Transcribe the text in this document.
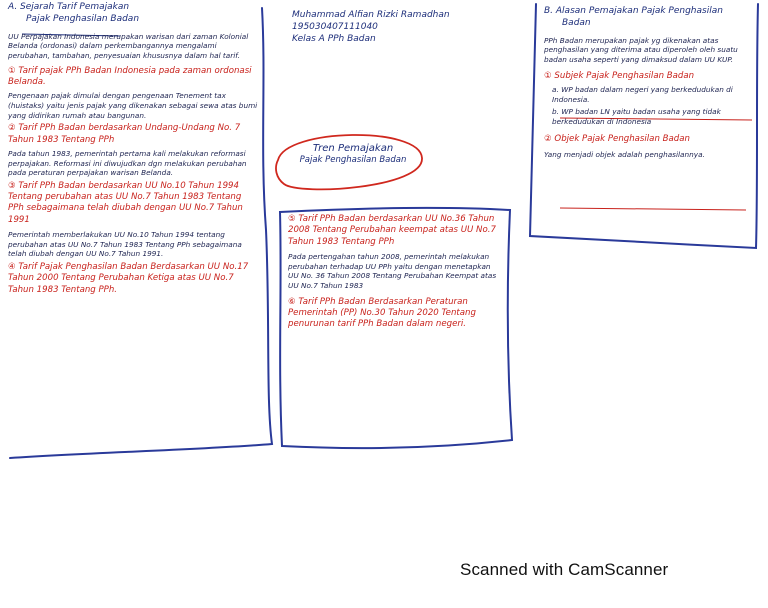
A. Sejarah Tarif Pemajakan

Pajak Penghasilan Badan

UU Perpajakan Indonesia merupakan warisan dari zaman Kolonial Belanda (ordonasi) dalam perkembangannya mengalami perubahan, tambahan, penyesuaian khususnya dalam hal tarif.

① Tarif pajak PPh Badan Indonesia pada zaman ordonasi Belanda.

Pengenaan pajak dimulai dengan pengenaan Tenement tax (huistaks) yaitu jenis pajak yang dikenakan sebagai sewa atas bumi yang didirikan rumah atau bangunan.

② Tarif PPh Badan berdasarkan Undang-Undang No. 7 Tahun 1983 Tentang PPh

Pada tahun 1983, pemerintah pertama kali melakukan reformasi perpajakan. Reformasi ini diwujudkan dgn melakukan perubahan pada peraturan perpajakan warisan Belanda.

③ Tarif PPh Badan berdasarkan UU No.10 Tahun 1994 Tentang perubahan atas UU No.7 Tahun 1983 Tentang PPh sebagaimana telah diubah dengan UU No.7 Tahun 1991

Pemerintah memberlakukan UU No.10 Tahun 1994 tentang perubahan atas UU No.7 Tahun 1983 Tentang PPh sebagaimana telah diubah dengan UU No.7 Tahun 1991.

④ Tarif Pajak Penghasilan Badan Berdasarkan UU No.17 Tahun 2000 Tentang Perubahan Ketiga atas UU No.7 Tahun 1983 Tentang PPh.

Muhammad Alfian Rizki Ramadhan

195030407111040

Kelas A PPh Badan

Tren Pemajakan

Pajak Penghasilan Badan

⑤ Tarif PPh Badan berdasarkan UU No.36 Tahun 2008 Tentang Perubahan keempat atas UU No.7 Tahun 1983 Tentang PPh

Pada pertengahan tahun 2008, pemerintah melakukan perubahan terhadap UU PPh yaitu dengan menetapkan UU No. 36 Tahun 2008 Tentang Perubahan Keempat atas UU No.7 Tahun 1983

⑥ Tarif PPh Badan Berdasarkan Peraturan Pemerintah (PP) No.30 Tahun 2020 Tentang penurunan tarif PPh Badan dalam negeri.

B. Alasan Pemajakan Pajak Penghasilan

Badan

PPh Badan merupakan pajak yg dikenakan atas penghasilan yang diterima atau diperoleh oleh suatu badan usaha seperti yang dimaksud dalam UU KUP.

① Subjek Pajak Penghasilan Badan

a. WP badan dalam negeri yang berkedudukan di Indonesia.

b. WP badan LN yaitu badan usaha yang tidak berkedudukan di Indonesia

② Objek Pajak Penghasilan Badan

Yang menjadi objek adalah penghasilannya.

Scanned with CamScanner
